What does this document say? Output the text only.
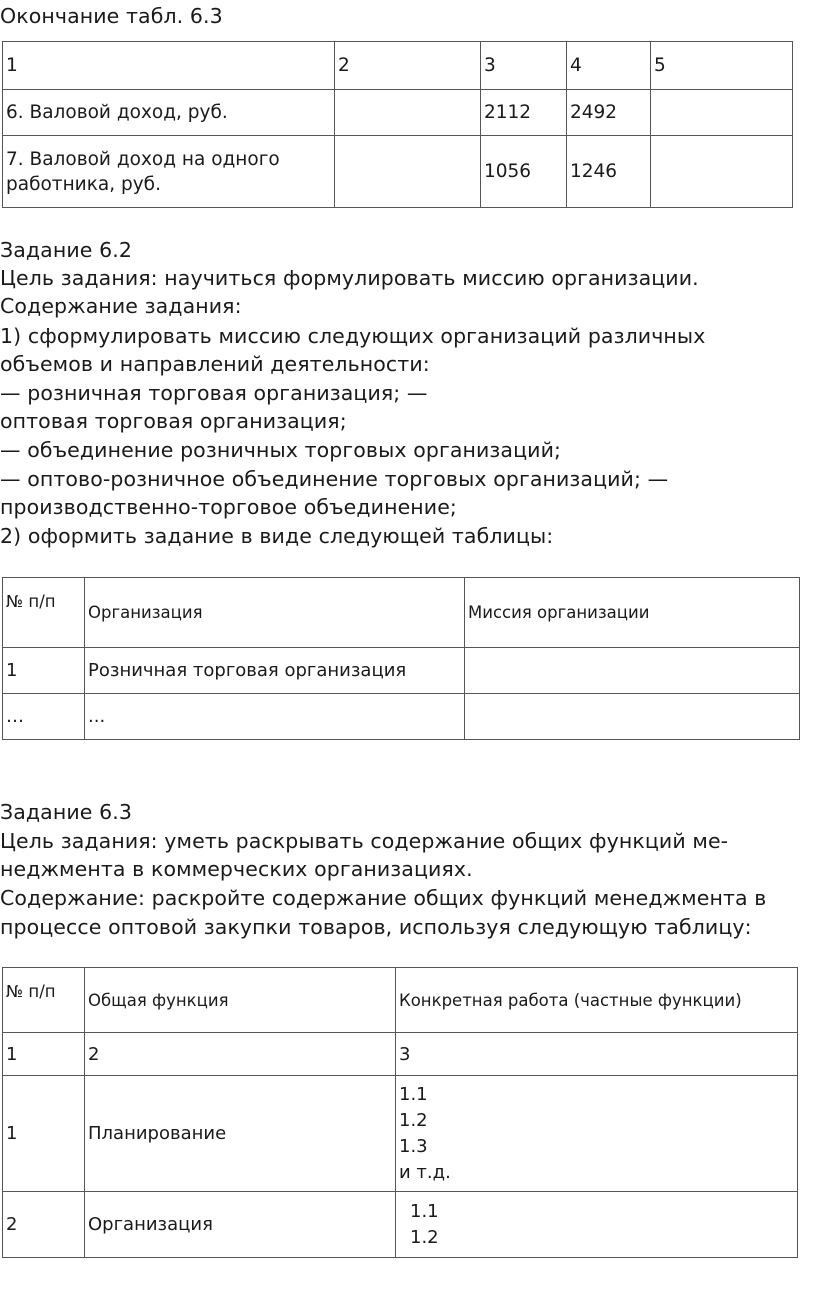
Окончание табл. 6.3
1	2	3	4	5
6. Валовой доход, руб.		2112	2492	

7. Валовой доход на одного
работника, руб.		1056	1246	
Задание 6.2
Цель задания: научиться формулировать миссию организации.
Содержание задания:
1) сформулировать миссию следующих организаций различных
объемов и направлений деятельности:
— розничная торговая организация; —
оптовая торговая организация;
— объединение розничных торговых организаций;
— оптово-розничное объединение торговых организаций; —
производственно-торговое объединение;
2) оформить задание в виде следующей таблицы:
№ п/п	Организация	Миссия организации
1	Розничная торговая организация	
…	...	
Задание 6.3
Цель задания: уметь раскрывать содержание общих функций ме-
неджмента в коммерческих организациях.
Содержание: раскройте содержание общих функций менеджмента в
процессе оптовой закупки товаров, используя следующую таблицу:
№ п/п	Общая функция	Конкретная работа (частные функции)
1	2	3
1	Планирование	1.1
1.2
1.3
и т.д.

2	Организация	1.1
1.2
